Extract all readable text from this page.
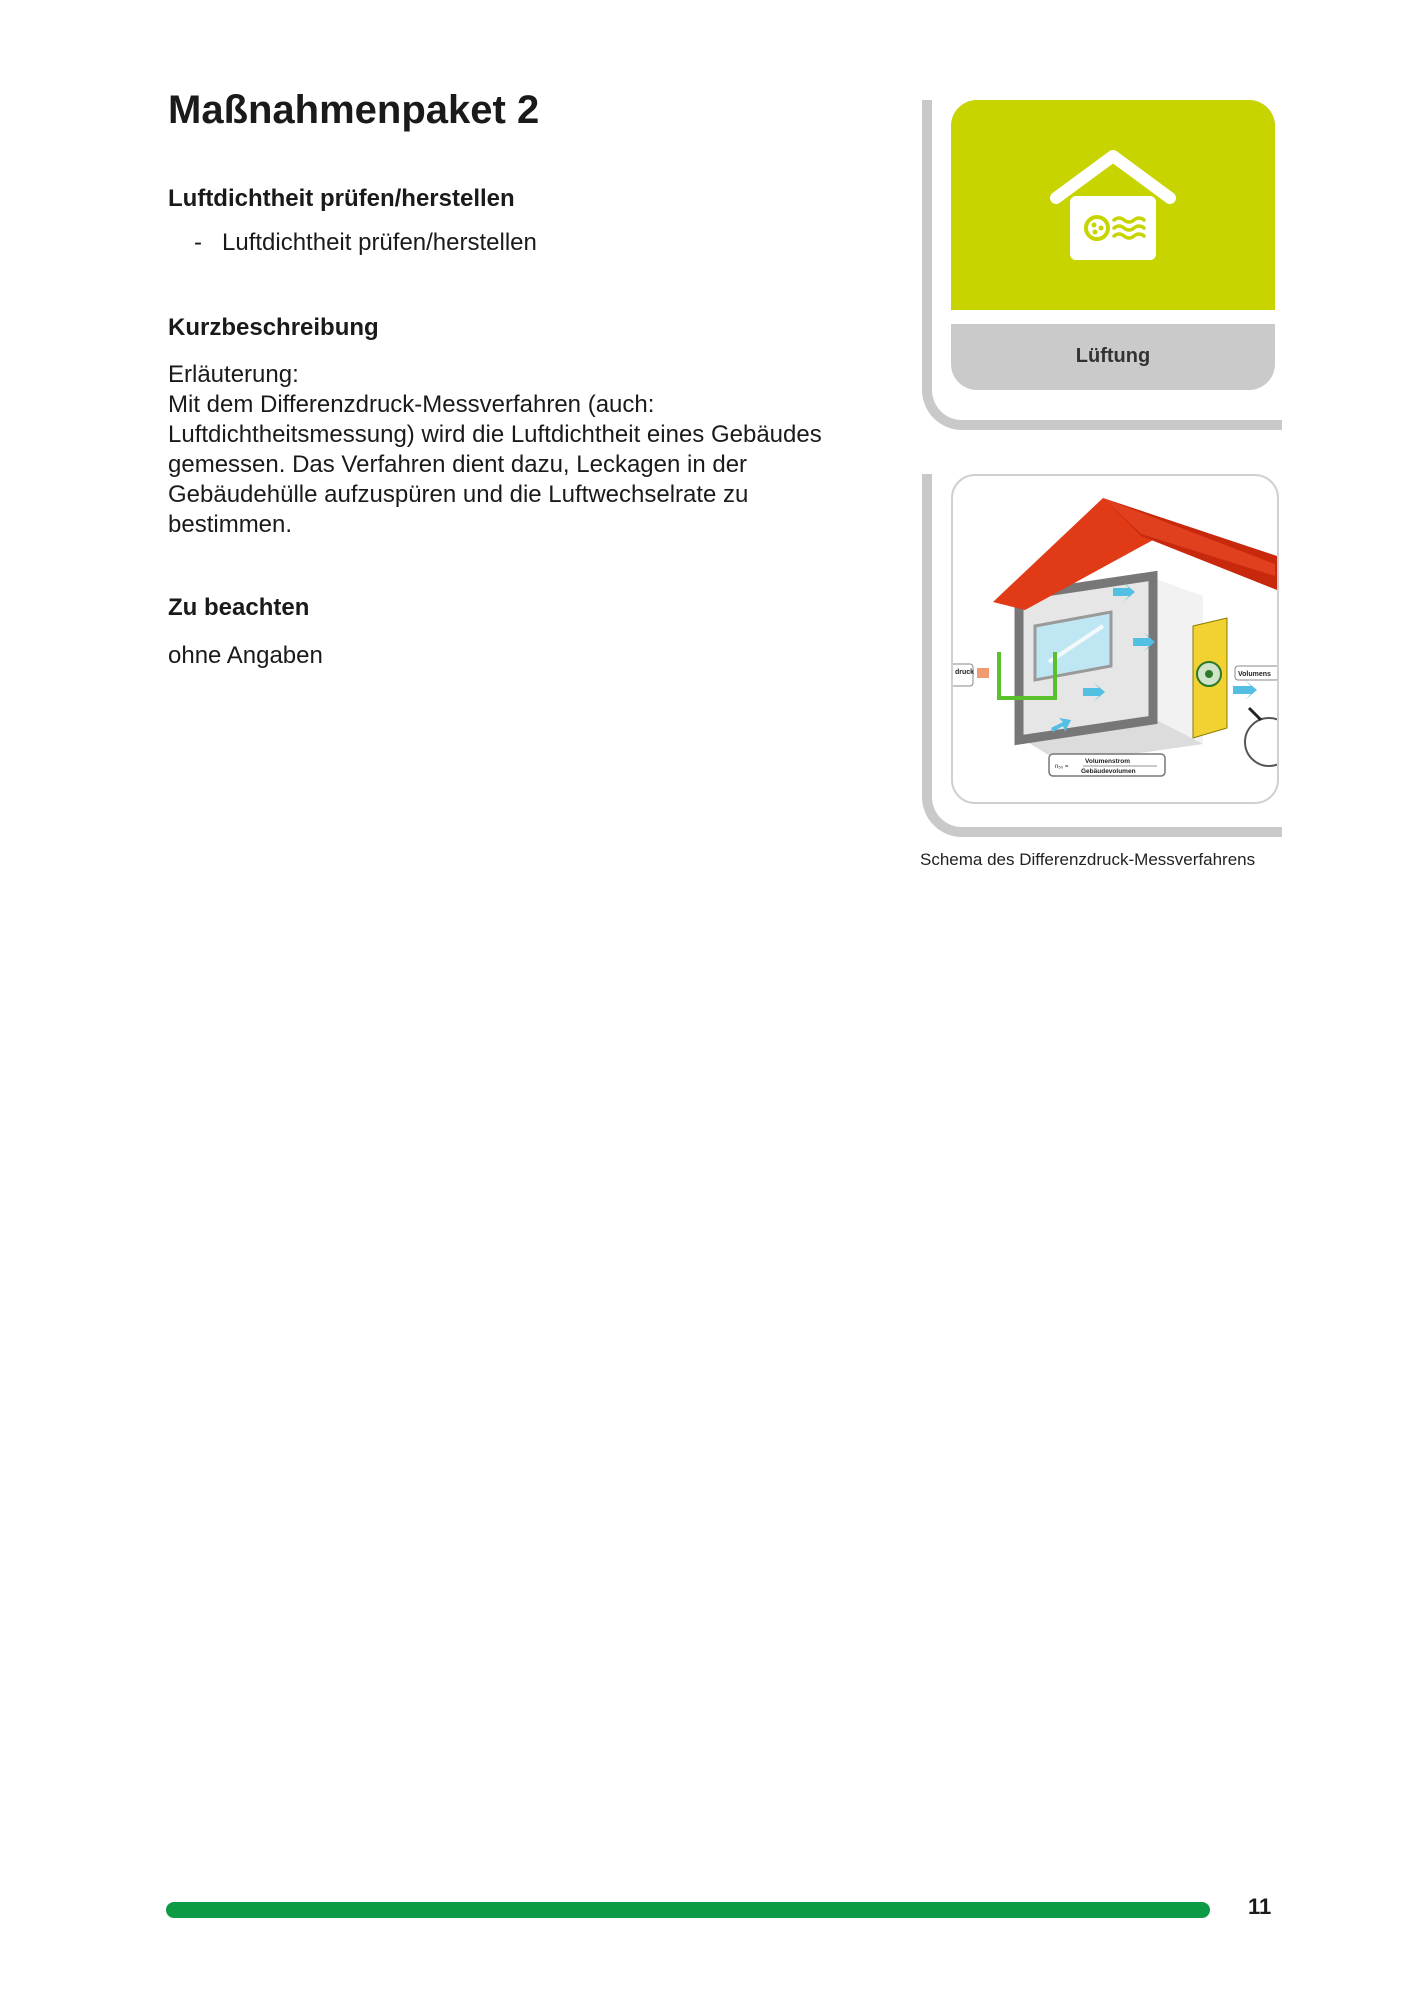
Maßnahmenpaket 2
Luftdichtheit prüfen/herstellen

- Luftdichtheit prüfen/herstellen

Kurzbeschreibung
Erläuterung:
Mit dem Differenzdruck-Messverfahren (auch:
Luftdichtheitsmessung) wird die Luftdichtheit eines Gebäudes
gemessen. Das Verfahren dient dazu, Leckagen in der
Gebäudehülle aufzuspüren und die Luftwechselrate zu
bestimmen.
Zu beachten

ohne Angaben

Lüftung
druck	Volumens
n₅₀ =
Volumenstrom
Gebäudevolumen

Schema des Differenzdruck-Messverfahrens

11
